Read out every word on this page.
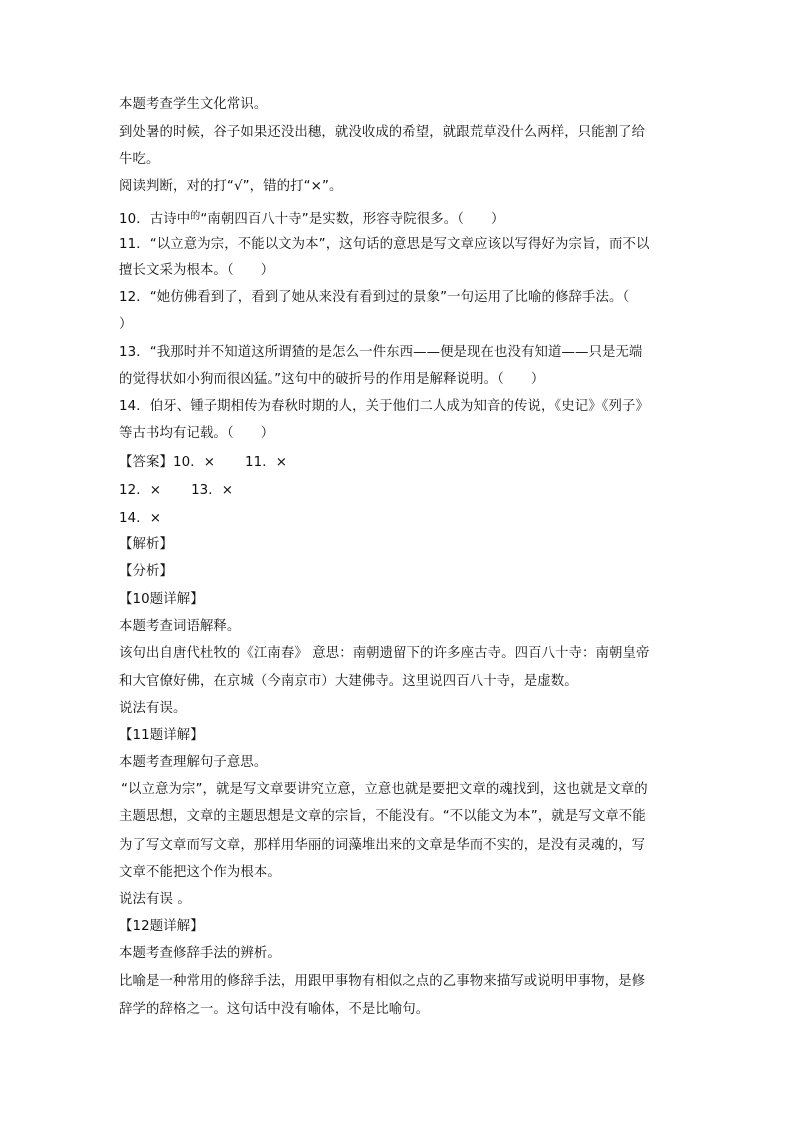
本题考查学生文化常识。
到处暑的时候，谷子如果还没出穗，就没收成的希望，就跟荒草没什么两样，只能割了给
牛吃。
阅读判断，对的打“√”，错的打“×”。
10．古诗中$^的$“南朝四百八十寺”是实数，形容寺院很多。（　　）
11．“以立意为宗，不能以文为本”，这句话的意思是写文章应该以写得好为宗旨，而不以
擅长文采为根本。（　　）
12．“她仿佛看到了，看到了她从来没有看到过的景象”一句运用了比喻的修辞手法。（
）
13．“我那时并不知道这所谓猹的是怎么一件东西——便是现在也没有知道——只是无端
的觉得状如小狗而很凶猛。”这句中的破折号的作用是解释说明。（　　）
14．伯牙、锺子期相传为春秋时期的人，关于他们二人成为知音的传说，《史记》《列子》
等古书均有记载。（　　）
【答案】10．× 11．×
12．× 13．×
14．×
【解析】
【分析】
【10题详解】
本题考查词语解释。
该句出自唐代杜牧的《江南春》 意思：南朝遗留下的许多座古寺。四百八十寺：南朝皇帝
和大官僚好佛，在京城（今南京市）大建佛寺。这里说四百八十寺，是虚数。
说法有误。
【11题详解】
本题考查理解句子意思。
“以立意为宗”，就是写文章要讲究立意，立意也就是要把文章的魂找到，这也就是文章的
主题思想，文章的主题思想是文章的宗旨，不能没有。“不以能文为本”，就是写文章不能
为了写文章而写文章，那样用华丽的词藻堆出来的文章是华而不实的，是没有灵魂的，写
文章不能把这个作为根本。
说法有误 。
【12题详解】
本题考查修辞手法的辨析。
比喻是一种常用的修辞手法，用跟甲事物有相似之点的乙事物来描写或说明甲事物，是修
辞学的辞格之一。这句话中没有喻体，不是比喻句。
